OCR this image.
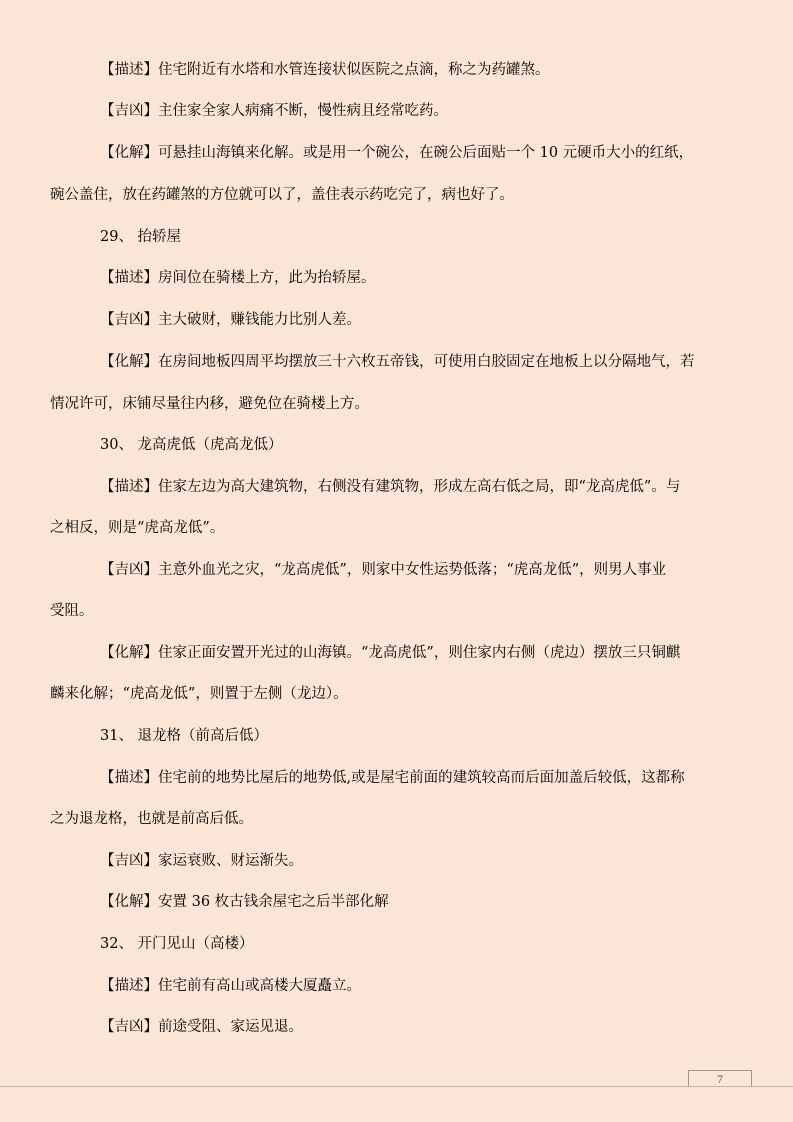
【描述】住宅附近有水塔和水管连接状似医院之点滴，称之为药罐煞。
【吉凶】主住家全家人病痛不断，慢性病且经常吃药。
【化解】可悬挂山海镇来化解。或是用一个碗公，在碗公后面贴一个 10 元硬币大小的红纸，
碗公盖住，放在药罐煞的方位就可以了，盖住表示药吃完了，病也好了。
29、 抬轿屋
【描述】房间位在骑楼上方，此为抬轿屋。
【吉凶】主大破财，赚钱能力比别人差。
【化解】在房间地板四周平均摆放三十六枚五帝钱，可使用白胶固定在地板上以分隔地气，若
情况许可，床铺尽量往内移，避免位在骑楼上方。
30、 龙高虎低（虎高龙低）
【描述】住家左边为高大建筑物，右侧没有建筑物，形成左高右低之局，即“龙高虎低”。与
之相反，则是“虎高龙低”。
【吉凶】主意外血光之灾，“龙高虎低”，则家中女性运势低落；“虎高龙低”，则男人事业
受阻。
【化解】住家正面安置开光过的山海镇。“龙高虎低”，则住家内右侧（虎边）摆放三只铜麒
麟来化解；“虎高龙低”，则置于左侧（龙边）。
31、 退龙格（前高后低）
【描述】住宅前的地势比屋后的地势低,或是屋宅前面的建筑较高而后面加盖后较低，这都称
之为退龙格，也就是前高后低。
【吉凶】家运衰败、财运渐失。
【化解】安置 36 枚古钱余屋宅之后半部化解
32、 开门见山（高楼）
【描述】住宅前有高山或高楼大厦矗立。
【吉凶】前途受阻、家运见退。
7
